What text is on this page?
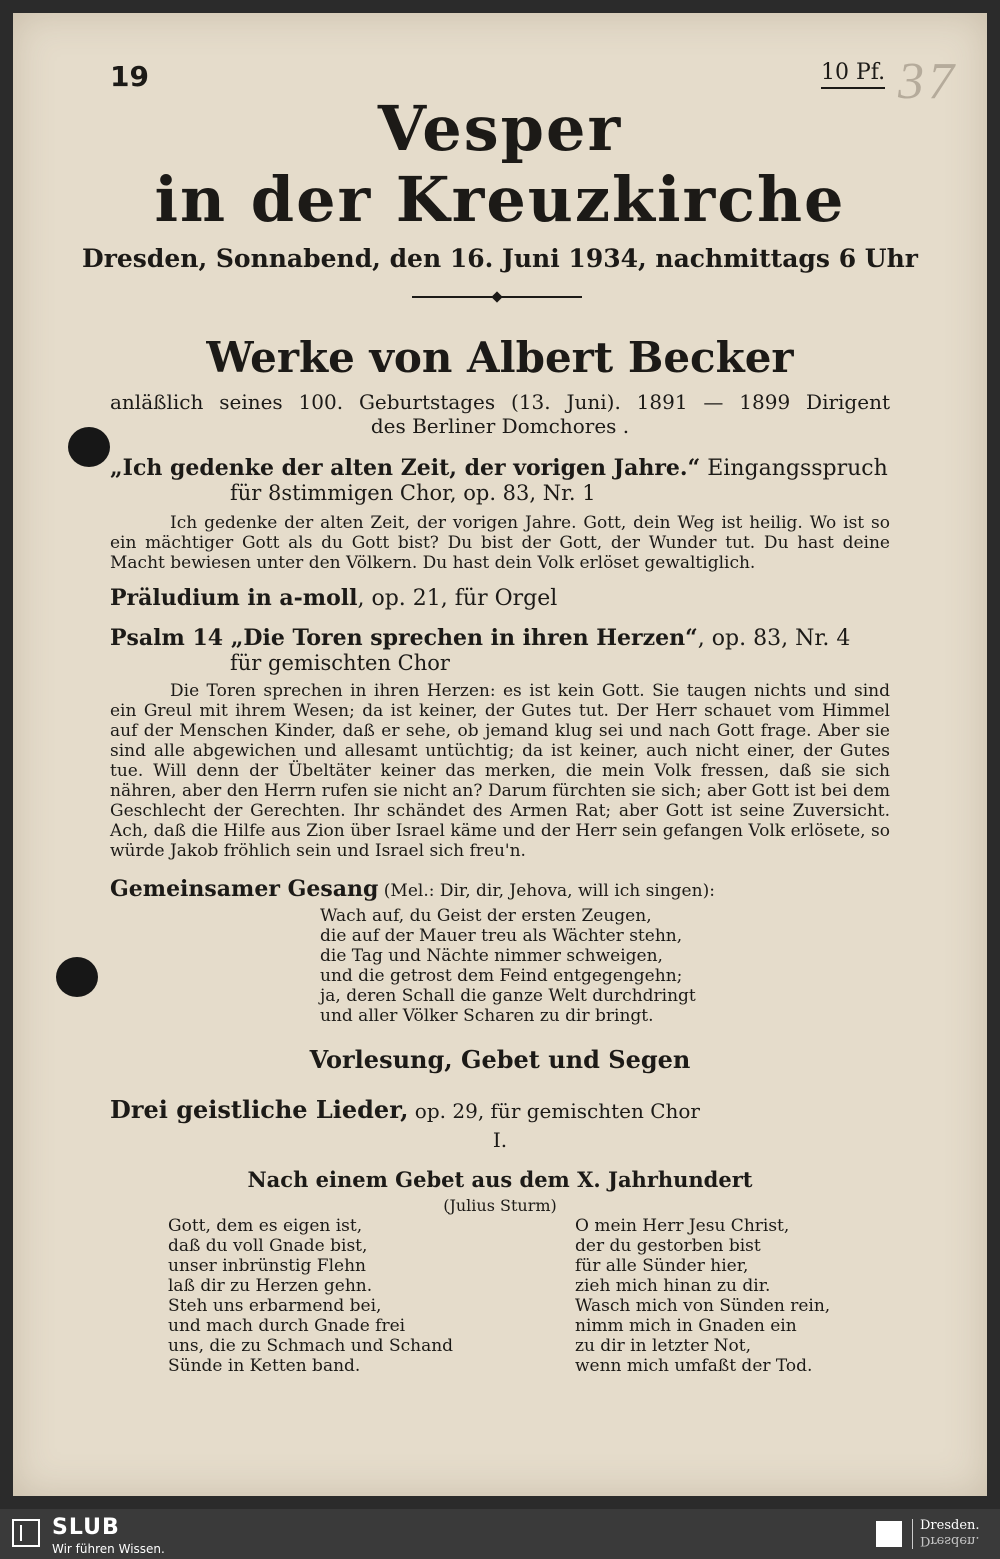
19	10 Pf. 37
Vesper
in der Kreuzkirche
Dresden, Sonnabend, den 16. Juni 1934, nachmittags 6 Uhr
Werke von Albert Becker
anläßlich seines 100. Geburtstages (13. Juni). 1891 — 1899 Dirigent
des Berliner Domchores .
„Ich gedenke der alten Zeit, der vorigen Jahre.“ Eingangsspruch
für 8stimmigen Chor, op. 83, Nr. 1
Ich gedenke der alten Zeit, der vorigen Jahre. Gott, dein Weg ist heilig. Wo ist so ein mächtiger Gott als du Gott bist? Du bist der Gott, der Wunder tut. Du hast deine Macht bewiesen unter den Völkern. Du hast dein Volk erlöset gewaltiglich.
Präludium in a-moll, op. 21, für Orgel
Psalm 14 „Die Toren sprechen in ihren Herzen“, op. 83, Nr. 4
für gemischten Chor
Die Toren sprechen in ihren Herzen: es ist kein Gott. Sie taugen nichts und sind ein Greul mit ihrem Wesen; da ist keiner, der Gutes tut. Der Herr schauet vom Himmel auf der Menschen Kinder, daß er sehe, ob jemand klug sei und nach Gott frage. Aber sie sind alle abgewichen und allesamt untüchtig; da ist keiner, auch nicht einer, der Gutes tue. Will denn der Übeltäter keiner das merken, die mein Volk fressen, daß sie sich nähren, aber den Herrn rufen sie nicht an? Darum fürchten sie sich; aber Gott ist bei dem Geschlecht der Gerechten. Ihr schändet des Armen Rat; aber Gott ist seine Zuversicht. Ach, daß die Hilfe aus Zion über Israel käme und der Herr sein gefangen Volk erlösete, so würde Jakob fröhlich sein und Israel sich freu'n.
Gemeinsamer Gesang (Mel.: Dir, dir, Jehova, will ich singen):
Wach auf, du Geist der ersten Zeugen,
die auf der Mauer treu als Wächter stehn,
die Tag und Nächte nimmer schweigen,
und die getrost dem Feind entgegengehn;
ja, deren Schall die ganze Welt durchdringt
und aller Völker Scharen zu dir bringt.
Vorlesung, Gebet und Segen
Drei geistliche Lieder, op. 29, für gemischten Chor
I.
Nach einem Gebet aus dem X. Jahrhundert
(Julius Sturm)
Gott, dem es eigen ist,
daß du voll Gnade bist,
unser inbrünstig Flehn
laß dir zu Herzen gehn.
Steh uns erbarmend bei,
und mach durch Gnade frei
uns, die zu Schmach und Schand
Sünde in Ketten band.
O mein Herr Jesu Christ,
der du gestorben bist
für alle Sünder hier,
zieh mich hinan zu dir.
Wasch mich von Sünden rein,
nimm mich in Gnaden ein
zu dir in letzter Not,
wenn mich umfaßt der Tod.
SLUB
Wir führen Wissen.
Dresden.
Dresden.
